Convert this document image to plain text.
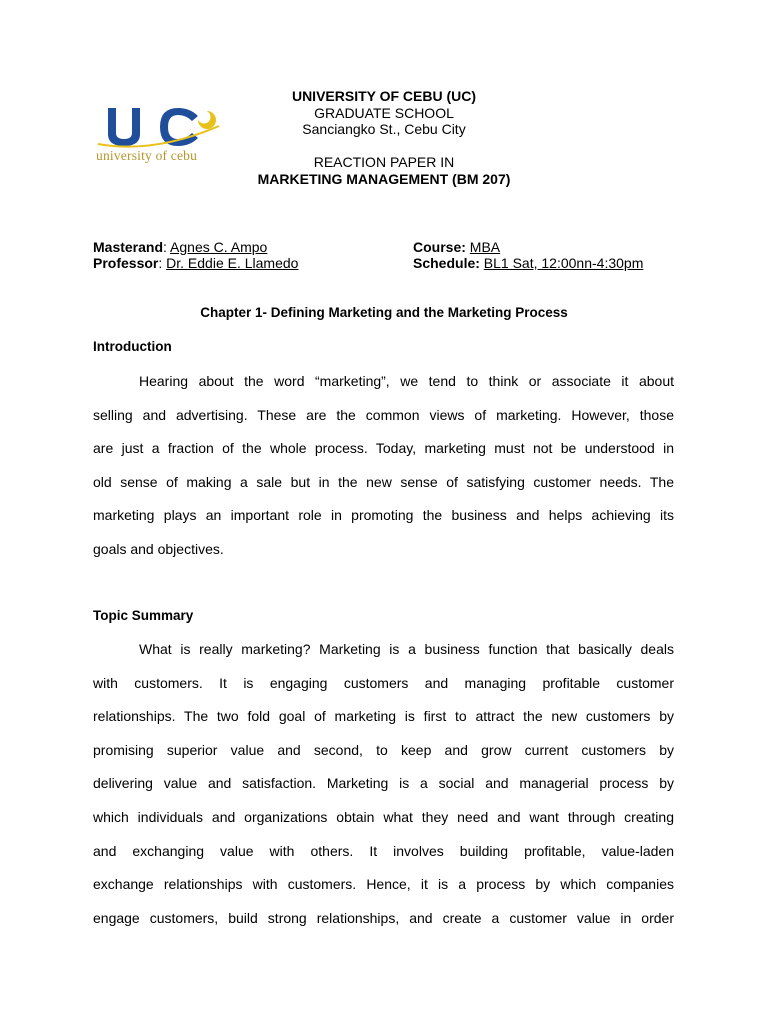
university of cebu
UNIVERSITY OF CEBU (UC)
GRADUATE SCHOOL
Sanciangko St., Cebu City
REACTION PAPER IN
MARKETING MANAGEMENT (BM 207)
Masterand: Agnes C. Ampo
Professor: Dr. Eddie E. Llamedo
Course: MBA
Schedule: BL1 Sat, 12:00nn-4:30pm
Chapter 1- Defining Marketing and the Marketing Process
Introduction
Hearing about the word “marketing”, we tend to think or associate it about
selling and advertising. These are the common views of marketing. However, those
are just a fraction of the whole process. Today, marketing must not be understood in
old sense of making a sale but in the new sense of satisfying customer needs. The
marketing plays an important role in promoting the business and helps achieving its
goals and objectives.
Topic Summary
What is really marketing? Marketing is a business function that basically deals
with customers. It is engaging customers and managing profitable customer
relationships. The two fold goal of marketing is first to attract the new customers by
promising superior value and second, to keep and grow current customers by
delivering value and satisfaction. Marketing is a social and managerial process by
which individuals and organizations obtain what they need and want through creating
and exchanging value with others. It involves building profitable, value-laden
exchange relationships with customers. Hence, it is a process by which companies
engage customers, build strong relationships, and create a customer value in order
